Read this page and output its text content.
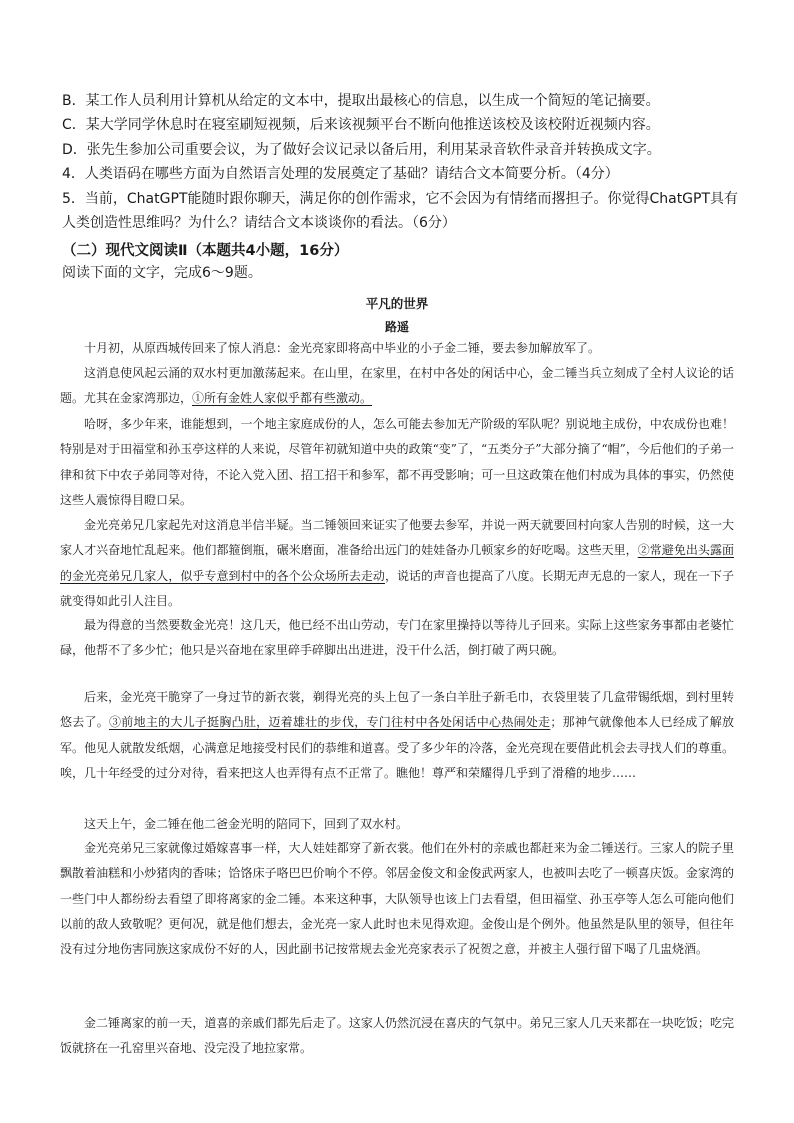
B．某工作人员利用计算机从给定的文本中，提取出最核心的信息，以生成一个简短的笔记摘要。
C．某大学同学休息时在寝室刷短视频，后来该视频平台不断向他推送该校及该校附近视频内容。
D．张先生参加公司重要会议，为了做好会议记录以备后用，利用某录音软件录音并转换成文字。
4．人类语码在哪些方面为自然语言处理的发展奠定了基础？请结合文本简要分析。（4分）
5．当前，ChatGPT能随时跟你聊天，满足你的创作需求，它不会因为有情绪而撂担子。你觉得ChatGPT具有
人类创造性思维吗？为什么？请结合文本谈谈你的看法。（6分）
（二）现代文阅读Ⅱ（本题共4小题，16分）
阅读下面的文字，完成6～9题。
平凡的世界
路遥

十月初，从原西城传回来了惊人消息：金光亮家即将高中毕业的小子金二锤，要去参加解放军了。

这消息使风起云涌的双水村更加激荡起来。在山里，在家里，在村中各处的闲话中心，金二锤当兵立刻成了全村人议论的话题。尤其在金家湾那边，①所有金姓人家似乎都有些激动。

哈呀，多少年来，谁能想到，一个地主家庭成份的人，怎么可能去参加无产阶级的军队呢？别说地主成份，中农成份也难！特别是对于田福堂和孙玉亭这样的人来说，尽管年初就知道中央的政策“变”了，“五类分子”大部分摘了“帽”，今后他们的子弟一律和贫下中农子弟同等对待，不论入党入团、招工招干和参军，都不再受影响；可一旦这政策在他们村成为具体的事实，仍然使这些人震惊得目瞪口呆。

金光亮弟兄几家起先对这消息半信半疑。当二锤领回来证实了他要去参军，并说一两天就要回村向家人告别的时候，这一大家人才兴奋地忙乱起来。他们都箍倒瓶，碾米磨面，准备给出远门的娃娃备办几顿家乡的好吃喝。这些天里，②常避免出头露面的金光亮弟兄几家人，似乎专意到村中的各个公众场所去走动，说话的声音也提高了八度。长期无声无息的一家人，现在一下子就变得如此引人注目。

最为得意的当然要数金光亮！这几天，他已经不出山劳动，专门在家里操持以等待儿子回来。实际上这些家务事都由老婆忙碌，他帮不了多少忙；他只是兴奋地在家里碎手碎脚出出进进，没干什么活，倒打破了两只碗。

后来，金光亮干脆穿了一身过节的新衣裳，剃得光亮的头上包了一条白羊肚子新毛巾，衣袋里装了几盒带锡纸烟，到村里转悠去了。③前地主的大儿子挺胸凸肚，迈着雄壮的步伐，专门往村中各处闲话中心热闹处走；那神气就像他本人已经成了解放军。他见人就散发纸烟，心满意足地接受村民们的恭维和道喜。受了多少年的冷落，金光亮现在要借此机会去寻找人们的尊重。唉，几十年经受的过分对待，看来把这人也弄得有点不正常了。瞧他！尊严和荣耀得几乎到了滑稽的地步……

这天上午，金二锤在他二爸金光明的陪同下，回到了双水村。

金光亮弟兄三家就像过婚嫁喜事一样，大人娃娃都穿了新衣裳。他们在外村的亲戚也都赶来为金二锤送行。三家人的院子里飘散着油糕和小炒猪肉的香味；饸饹床子咯巴巴价响个不停。邻居金俊文和金俊武两家人，也被叫去吃了一顿喜庆饭。金家湾的一些门中人都纷纷去看望了即将离家的金二锤。本来这种事，大队领导也该上门去看望，但田福堂、孙玉亭等人怎么可能向他们以前的敌人致敬呢？更何况，就是他们想去，金光亮一家人此时也未见得欢迎。金俊山是个例外。他虽然是队里的领导，但往年没有过分地伤害同族这家成份不好的人，因此副书记按常规去金光亮家表示了祝贺之意，并被主人强行留下喝了几盅烧酒。

金二锤离家的前一天，道喜的亲戚们都先后走了。这家人仍然沉浸在喜庆的气氛中。弟兄三家人几天来都在一块吃饭；吃完饭就挤在一孔窑里兴奋地、没完没了地拉家常。
